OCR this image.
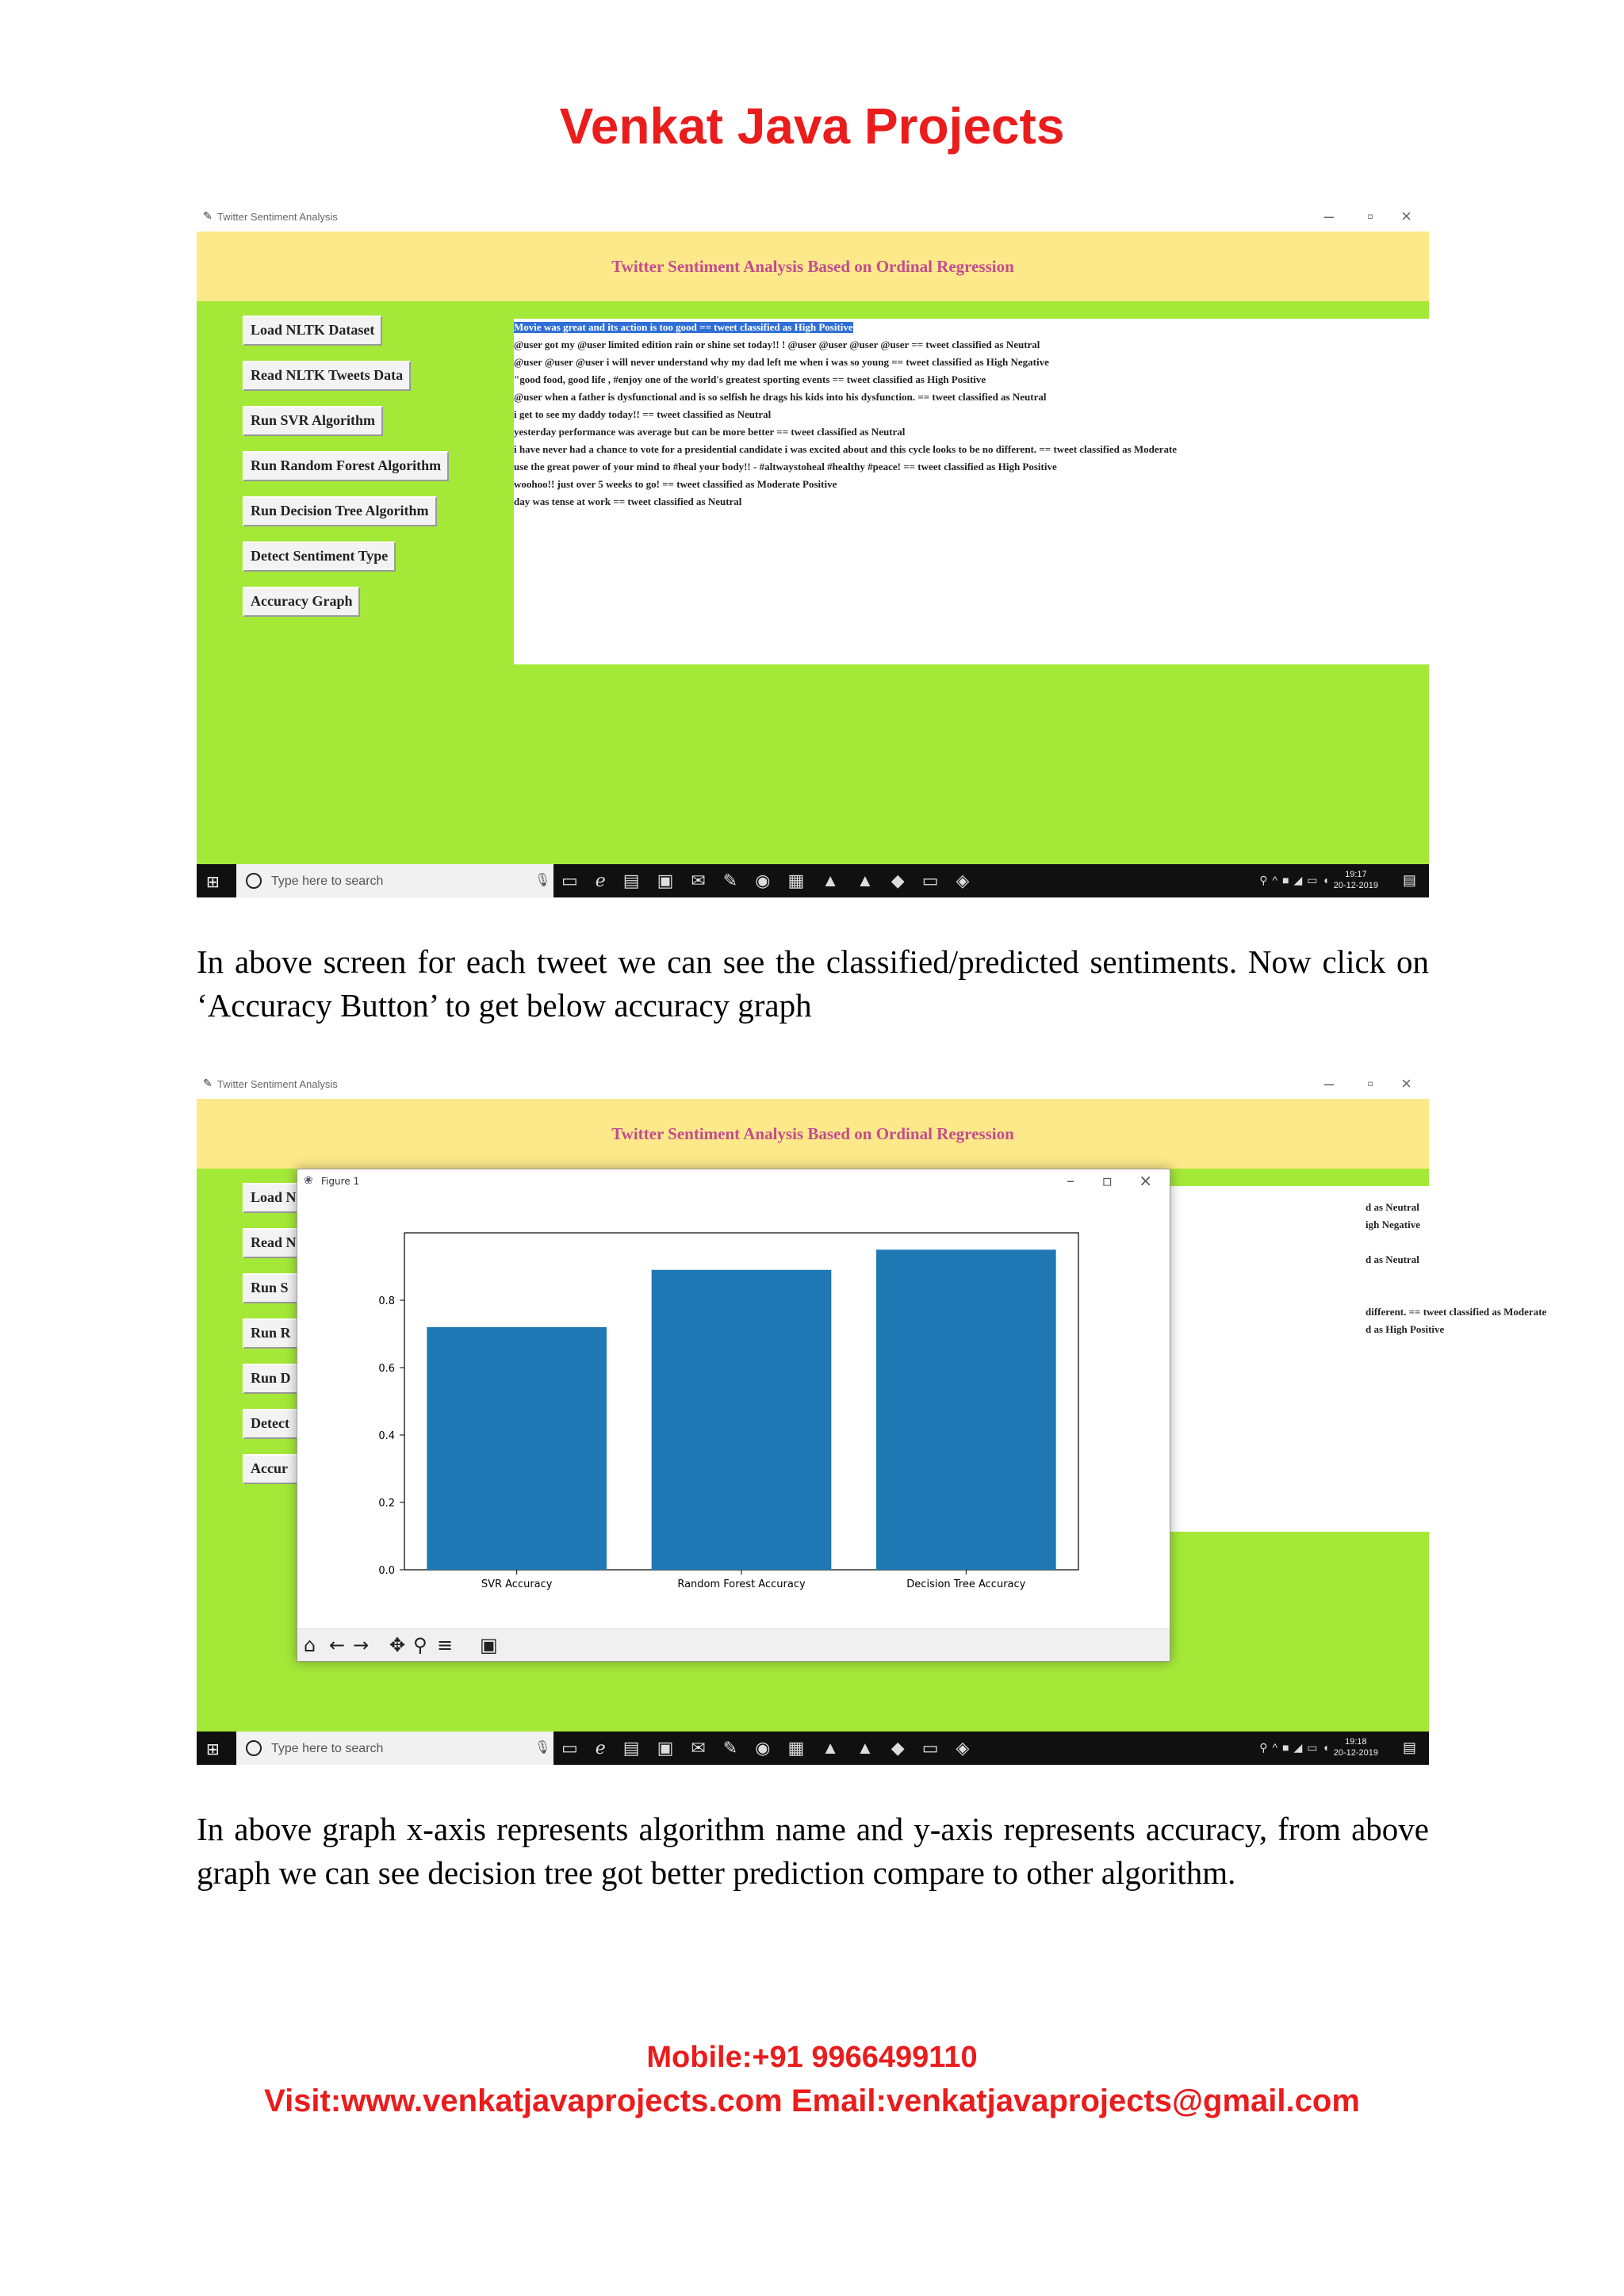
Venkat Java Projects
✎ Twitter Sentiment Analysis	– ▫ ×
Twitter Sentiment Analysis Based on Ordinal Regression
Load NLTK Dataset
Read NLTK Tweets Data
Run SVR Algorithm
Run Random Forest Algorithm
Run Decision Tree Algorithm
Detect Sentiment Type
Accuracy Graph
Movie was great and its action is too good == tweet classified as High Positive
@user got my @user limited edition rain or shine set today!! ! @user @user @user @user == tweet classified as Neutral
@user @user @user i will never understand why my dad left me when i was so young == tweet classified as High Negative
"good food, good life , #enjoy one of the world's greatest sporting events == tweet classified as High Positive
@user when a father is dysfunctional and is so selfish he drags his kids into his dysfunction. == tweet classified as Neutral
i get to see my daddy today!! == tweet classified as Neutral
yesterday performance was average but can be more better == tweet classified as Neutral
i have never had a chance to vote for a presidential candidate i was excited about and this cycle looks to be no different. == tweet classified as Moderate
use the great power of your mind to #heal your body!! - #altwaystoheal #healthy #peace! == tweet classified as High Positive
woohoo!! just over 5 weeks to go! == tweet classified as Moderate Positive
day was tense at work == tweet classified as Neutral
⊞	Type here to search	🎙 ▭ℯ▤▣✉✎◉▦▲▲◆▭◈	⚲^■◢▭◖	19:17
20-12-2019 ▤
In above screen for each tweet we can see the classified/predicted sentiments. Now click on ‘Accuracy Button’ to get below accuracy graph
✎ Twitter Sentiment Analysis	– ▫ ×
Twitter Sentiment Analysis Based on Ordinal Regression
Load N
Read N
Run S
Run R
Run D
Detect
Accur
d as Neutral
igh Negative
d as Neutral
different. == tweet classified as Moderate
d as High Positive
❀ Figure 1	– ▫ ×
0.0
0.2
0.4
0.6
0.8
SVR Accuracy	Random Forest Accuracy	Decision Tree Accuracy
⌂ ← → ✥ ⚲ ≡ ▣
⊞	Type here to search	🎙 ▭ℯ▤▣✉✎◉▦▲▲◆▭◈	⚲^■◢▭◖	19:18
20-12-2019 ▤
In above graph x-axis represents algorithm name and y-axis represents accuracy, from above graph we can see decision tree got better prediction compare to other algorithm.
Mobile:+91 9966499110
Visit:www.venkatjavaprojects.com Email:venkatjavaprojects@gmail.com
